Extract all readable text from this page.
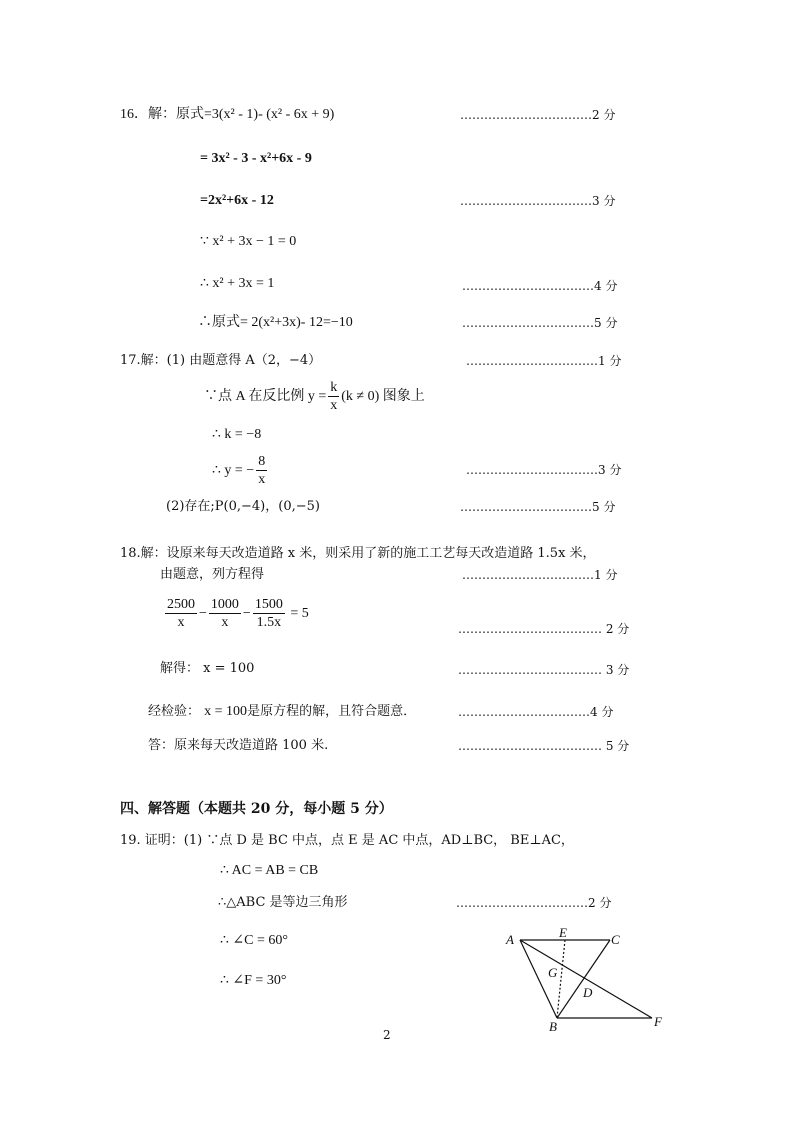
16．解：原式=3(x² - 1)- (x² - 6x + 9)	……………………………2 分
= 3x² - 3 - x²+6x - 9
=2x²+6x - 12	……………………………3 分
∵ x² + 3x − 1 = 0
∴ x² + 3x = 1	……………………………4 分
∴原式= 2(x²+3x)- 12=−10	……………………………5 分
17.解：(1) 由题意得 A（2，−4）	……………………………1 分
∵点 A 在反比例 $y = \frac{k}{x} (k \ne 0)$ 图象上
∴ k = −8
∴ y = − $\frac{8}{x}$	……………………………3 分
(2)存在;P(0,−4)，(0,−5)	……………………………5 分
18.解：设原来每天改造道路 x 米，则采用了新的施工工艺每天改造道路 1.5x 米，
由题意，列方程得	……………………………1 分
$\frac{2500}{x} - \frac{1000}{x} - \frac{1500}{1.5x} = 5$
……………………………… 2 分
解得： x = 100	……………………………… 3 分
经检验： x = 100是原方程的解，且符合题意．	……………………………4 分
答：原来每天改造道路 100 米.	……………………………… 5 分
四、解答题（本题共 20 分，每小题 5 分）
19. 证明：(1) ∵点 D 是 BC 中点，点 E 是 AC 中点，AD⊥BC， BE⊥AC，
∴ AC = AB = CB
∴△ABC 是等边三角形	……………………………2 分
∴ ∠C = 60°
∴ ∠F = 30°
A	E	C
G
D
B	F
2
